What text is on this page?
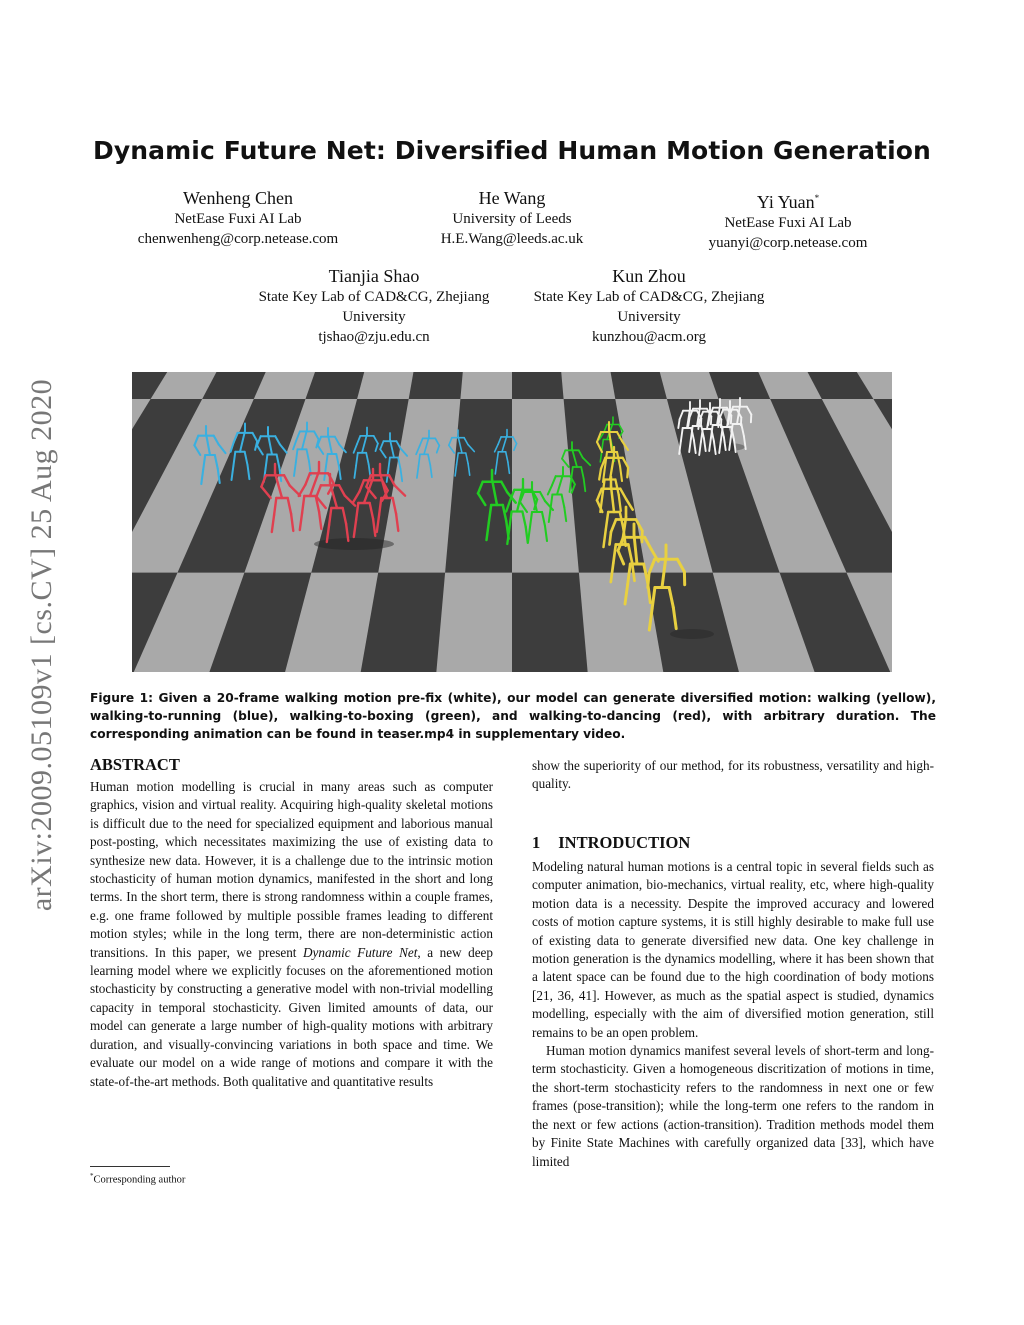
arXiv:2009.05109v1 [cs.CV] 25 Aug 2020
Dynamic Future Net: Diversified Human Motion Generation
Wenheng Chen
NetEase Fuxi AI Lab
chenwenheng@corp.netease.com
He Wang
University of Leeds
H.E.Wang@leeds.ac.uk
Yi Yuan*
NetEase Fuxi AI Lab
yuanyi@corp.netease.com
Tianjia Shao
State Key Lab of CAD&CG, Zhejiang
University
tjshao@zju.edu.cn
Kun Zhou
State Key Lab of CAD&CG, Zhejiang
University
kunzhou@acm.org
Figure 1: Given a 20-frame walking motion pre-fix (white), our model can generate diversified motion: walking (yellow), walking-to-running (blue), walking-to-boxing (green), and walking-to-dancing (red), with arbitrary duration. The corresponding animation can be found in teaser.mp4 in supplementary video.
ABSTRACT

Human motion modelling is crucial in many areas such as computer graphics, vision and virtual reality. Acquiring high-quality skeletal motions is difficult due to the need for specialized equipment and laborious manual post-posting, which necessitates maximizing the use of existing data to synthesize new data. However, it is a challenge due to the intrinsic motion stochasticity of human motion dynamics, manifested in the short and long terms. In the short term, there is strong randomness within a couple frames, e.g. one frame followed by multiple possible frames leading to different motion styles; while in the long term, there are non-deterministic action transitions. In this paper, we present Dynamic Future Net, a new deep learning model where we explicitly focuses on the aforementioned motion stochasticity by constructing a generative model with non-trivial modelling capacity in temporal stochasticity. Given limited amounts of data, our model can generate a large number of high-quality motions with arbitrary duration, and visually-convincing variations in both space and time. We evaluate our model on a wide range of motions and compare it with the state-of-the-art methods. Both qualitative and quantitative results

*Corresponding author

show the superiority of our method, for its robustness, versatility and high-quality.

1 INTRODUCTION

Modeling natural human motions is a central topic in several fields such as computer animation, bio-mechanics, virtual reality, etc, where high-quality motion data is a necessity. Despite the improved accuracy and lowered costs of motion capture systems, it is still highly desirable to make full use of existing data to generate diversified new data. One key challenge in motion generation is the dynamics modelling, where it has been shown that a latent space can be found due to the high coordination of body motions [21, 36, 41]. However, as much as the spatial aspect is studied, dynamics modelling, especially with the aim of diversified motion generation, still remains to be an open problem.

Human motion dynamics manifest several levels of short-term and long-term stochasticity. Given a homogeneous discritization of motions in time, the short-term stochasticity refers to the randomness in next one or few frames (pose-transition); while the long-term one refers to the random in the next or few actions (action-transition). Tradition methods model them by Finite State Machines with carefully organized data [33], which have limited
